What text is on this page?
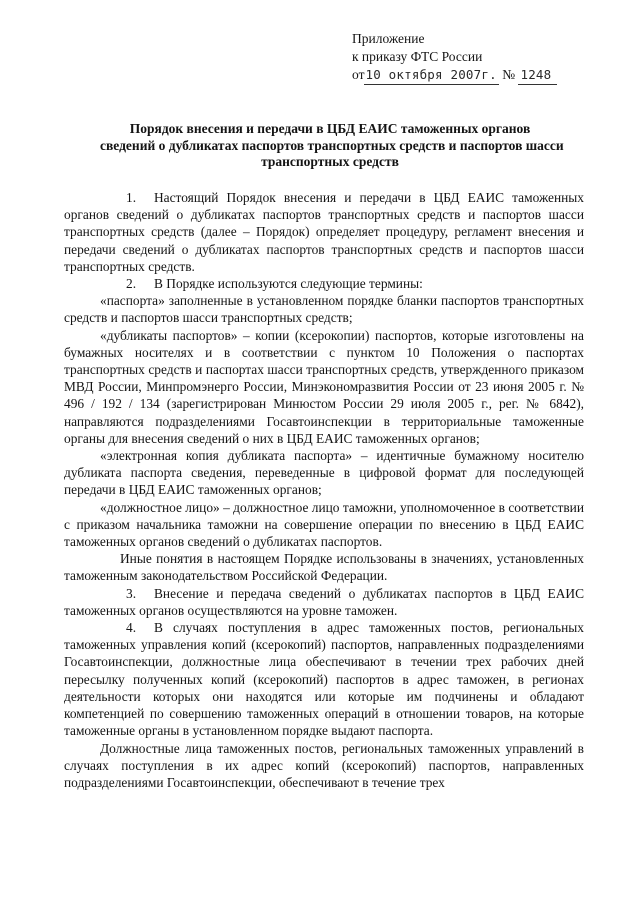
Приложение
к приказу ФТС России
от10 октября 2007г. № 1248
Порядок внесения и передачи в ЦБД ЕАИС таможенных органов
сведений о дубликатах паспортов транспортных средств и паспортов шасси
транспортных средств

1. Настоящий Порядок внесения и передачи в ЦБД ЕАИС таможенных органов сведений о дубликатах паспортов транспортных средств и паспортов шасси транспортных средств (далее – Порядок) определяет процедуру, регламент внесения и передачи сведений о дубликатах паспортов транспортных средств и паспортов шасси транспортных средств.

2. В Порядке используются следующие термины:

«паспорта» заполненные в установленном порядке бланки паспортов транспортных средств и паспортов шасси транспортных средств;

«дубликаты паспортов» – копии (ксерокопии) паспортов, которые изготовлены на бумажных носителях и в соответствии с пунктом 10 Положения о паспортах транспортных средств и паспортах шасси транспортных средств, утвержденного приказом МВД России, Минпромэнерго России, Минэкономразвития России от 23 июня 2005 г. № 496 / 192 / 134 (зарегистрирован Минюстом России 29 июля 2005 г., рег. № 6842), направляются подразделениями Госавтоинспекции в территориальные таможенные органы для внесения сведений о них в ЦБД ЕАИС таможенных органов;

«электронная копия дубликата паспорта» – идентичные бумажному носителю дубликата паспорта сведения, переведенные в цифровой формат для последующей передачи в ЦБД ЕАИС таможенных органов;

«должностное лицо» – должностное лицо таможни, уполномоченное в соответствии с приказом начальника таможни на совершение операции по внесению в ЦБД ЕАИС таможенных органов сведений о дубликатах паспортов.

Иные понятия в настоящем Порядке использованы в значениях, установленных таможенным законодательством Российской Федерации.

3. Внесение и передача сведений о дубликатах паспортов в ЦБД ЕАИС таможенных органов осуществляются на уровне таможен.

4. В случаях поступления в адрес таможенных постов, региональных таможенных управления копий (ксерокопий) паспортов, направленных подразделениями Госавтоинспекции, должностные лица обеспечивают в течении трех рабочих дней пересылку полученных копий (ксерокопий) паспортов в адрес таможен, в регионах деятельности которых они находятся или которые им подчинены и обладают компетенцией по совершению таможенных операций в отношении товаров, на которые таможенные органы в установленном порядке выдают паспорта.

Должностные лица таможенных постов, региональных таможенных управлений в случаях поступления в их адрес копий (ксерокопий) паспортов, направленных подразделениями Госавтоинспекции, обеспечивают в течение трех
